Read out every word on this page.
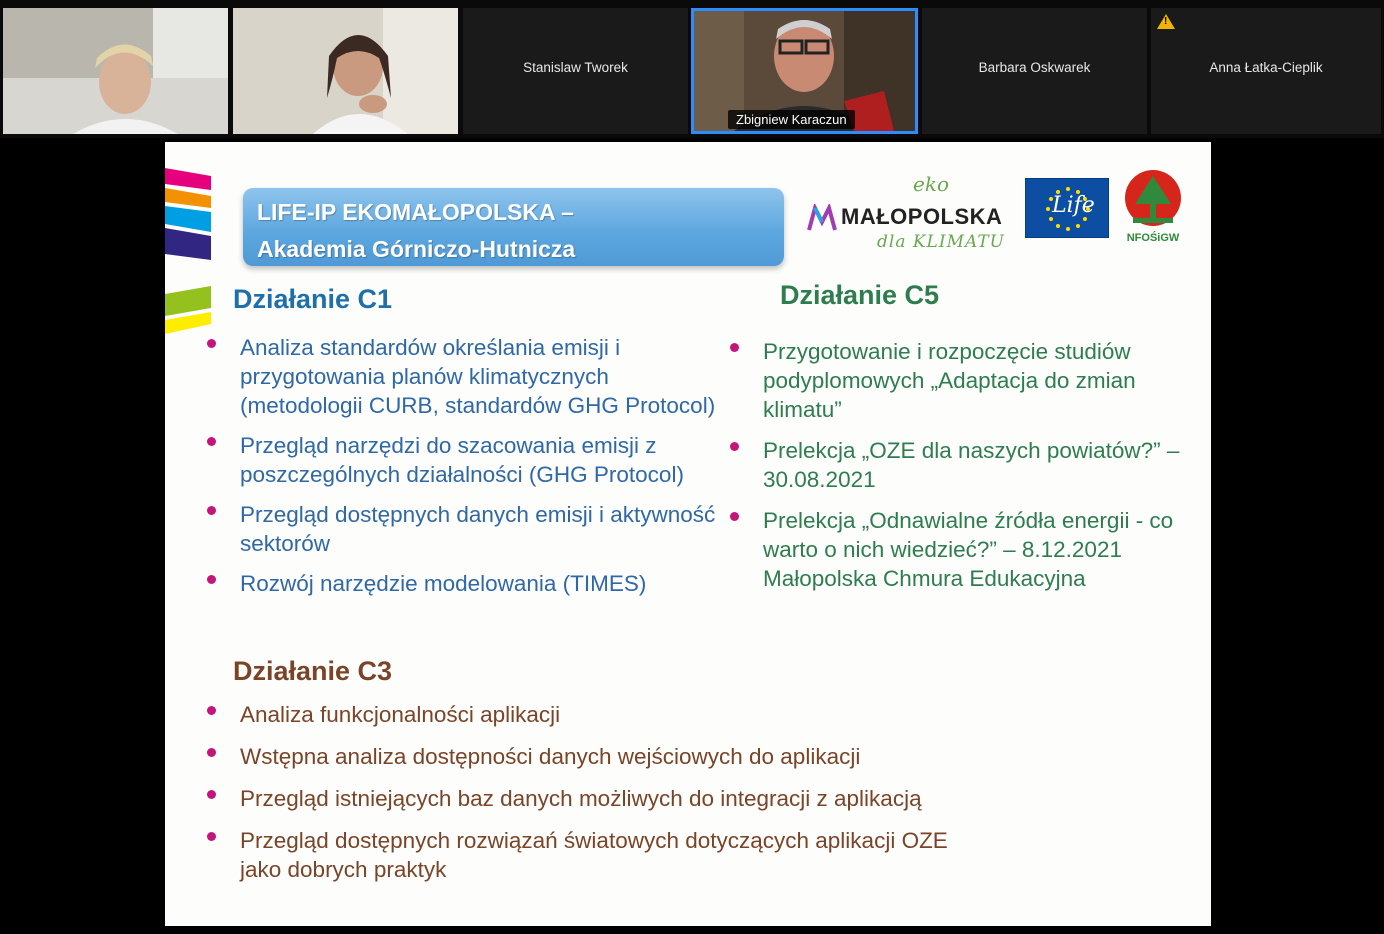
Stanislaw Tworek
Zbigniew Karaczun
Barbara Oskwarek
!	Anna Łatka-Cieplik
LIFE-IP EKOMAŁOPOLSKA –
Akademia Górniczo-Hutnicza
eko
MAŁOPOLSKA
dla KLIMATU
Life
NFOŚiGW
Działanie C1
Analiza standardów określania emisji i przygotowania planów klimatycznych (metodologii CURB, standardów GHG Protocol)
Przegląd narzędzi do szacowania emisji z poszczególnych działalności (GHG Protocol)
Przegląd dostępnych danych emisji i aktywność sektorów
Rozwój narzędzie modelowania (TIMES)
Działanie C5
Przygotowanie i rozpoczęcie studiów podyplomowych „Adaptacja do zmian klimatu”
Prelekcja „OZE dla naszych powiatów?” – 30.08.2021
Prelekcja „Odnawialne źródła energii - co warto o nich wiedzieć?” – 8.12.2021 Małopolska Chmura Edukacyjna
Działanie C3
Analiza funkcjonalności aplikacji
Wstępna analiza dostępności danych wejściowych do aplikacji
Przegląd istniejących baz danych możliwych do integracji z aplikacją
Przegląd dostępnych rozwiązań światowych dotyczących aplikacji OZE jako dobrych praktyk
